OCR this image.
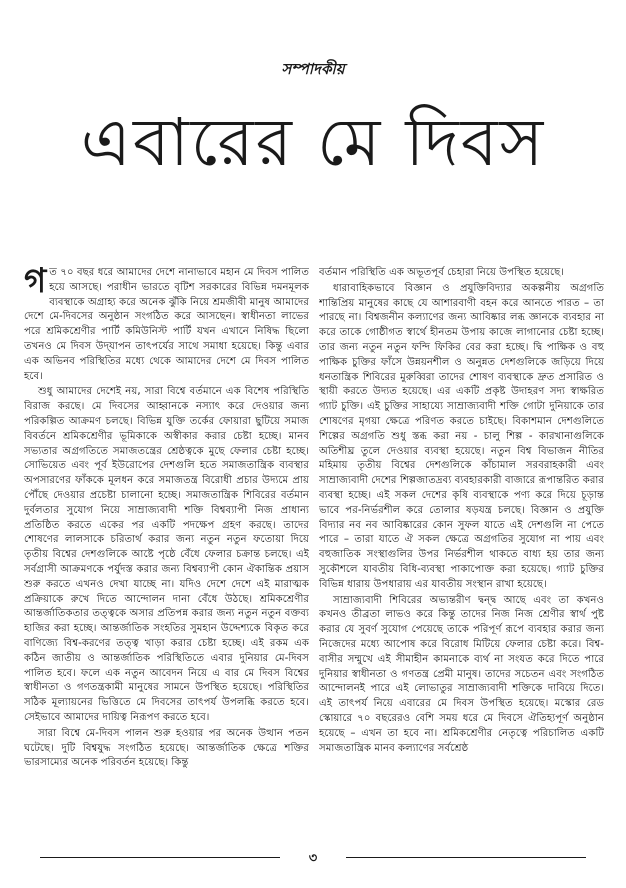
সম্পাদকীয়
এবারের মে দিবস

গত ৭০ বছর ধরে আমাদের দেশে নানাভাবে মহান মে দিবস পালিত হয়ে আসছে। পরাধীন ভারতে বৃটিশ সরকারের বিভিন্ন দমনমূলক ব্যবস্থাকে অগ্রাহ্য করে অনেক ঝুঁকি নিয়ে শ্রমজীবী মানুষ আমাদের দেশে মে-দিবসের অনুষ্ঠান সংগঠিত করে আসছেন। স্বাধীনতা লাভের পরে শ্রমিকশ্রেণীর পার্টি কমিউনিস্ট পার্টি যখন এখানে নিষিদ্ধ ছিলো তখনও মে দিবস উদ্‌যাপন তাৎপর্যের সাথে সমাধা হয়েছে। কিন্তু এবার এক অভিনব পরিস্থিতির মধ্যে থেকে আমাদের দেশে মে দিবস পালিত হবে।

শুধু আমাদের দেশেই নয়, সারা বিশ্বে বর্তমানে এক বিশেষ পরিস্থিতি বিরাজ করছে। মে দিবসের আহ্বানকে নস্যাৎ করে দেওয়ার জন্য পরিকল্পিত আক্রমণ চলছে। বিভিন্ন যুক্তি তর্কের ফোয়ারা ছুটিয়ে সমাজ বিবর্তনে শ্রমিকশ্রেণীর ভূমিকাকে অস্বীকার করার চেষ্টা হচ্ছে। মানব সভ্যতার অগ্রগতিতে সমাজতন্ত্রের শ্রেষ্ঠত্বকে মুছে ফেলার চেষ্টা হচ্ছে। সোভিয়েত এবং পূর্ব ইউরোপের দেশগুলি হতে সমাজতান্ত্রিক ব্যবস্থার অপসারণের ফাঁককে মূলধন করে সমাজতন্ত্র বিরোধী প্রচার উদ্যমে প্রায় পৌঁছে দেওয়ার প্রচেষ্টা চালানো হচ্ছে। সমাজতান্ত্রিক শিবিরের বর্তমান দুর্বলতার সুযোগ নিয়ে সাম্রাজ্যবাদী শক্তি বিশ্বব্যাপী নিজ প্রাধান্য প্রতিষ্ঠিত করতে একের পর একটি পদক্ষেপ গ্রহণ করছে। তাদের শোষণের লালসাকে চরিতার্থ করার জন্য নতুন নতুন ফতোয়া দিয়ে তৃতীয় বিশ্বের দেশগুলিকে আষ্টে পৃষ্ঠে বেঁধে ফেলার চক্রান্ত চলছে। এই সর্বগ্রাসী আক্রমণকে পর্যুদস্ত করার জন্য বিশ্বব্যাপী কোন ঐকান্তিক প্রয়াস শুরু করতে এখনও দেখা যাচ্ছে না। যদিও দেশে দেশে এই মারাত্মক প্রক্রিয়াকে রুখে দিতে আন্দোলন দানা বেঁধে উঠছে। শ্রমিকশ্রেণীর আন্তর্জাতিকতার তত্ত্বকে অসার প্রতিপন্ন করার জন্য নতুন নতুন বক্তব্য হাজির করা হচ্ছে। আন্তর্জাতিক সংহতির সুমহান উদ্দেশ্যকে বিকৃত করে বাণিজ্যে বিশ্ব-করণের তত্ত্ব খাড়া করার চেষ্টা হচ্ছে। এই রকম এক কঠিন জাতীয় ও আন্তর্জাতিক পরিস্থিতিতে এবার দুনিয়ার মে-দিবস পালিত হবে। ফলে এক নতুন আবেদন নিয়ে এ বার মে দিবস বিশ্বের স্বাধীনতা ও গণতন্ত্রকামী মানুষের সামনে উপস্থিত হয়েছে। পরিস্থিতির সঠিক মূল্যায়নের ভিত্তিতে মে দিবসের তাৎপর্য উপলব্ধি করতে হবে। সেইভাবে আমাদের দায়িত্ব নিরূপণ করতে হবে।

সারা বিশ্বে মে-দিবস পালন শুরু হওয়ার পর অনেক উত্থান পতন ঘটেছে। দুটি বিশ্বযুদ্ধ সংগঠিত হয়েছে। আন্তর্জাতিক ক্ষেত্রে শক্তির ভারসাম্যের অনেক পরিবর্তন হয়েছে। কিন্তু

বর্তমান পরিস্থিতি এক অভূতপূর্ব চেহারা নিয়ে উপস্থিত হয়েছে।

ধারাবাহিকভাবে বিজ্ঞান ও প্রযুক্তিবিদ্যার অকল্পনীয় অগ্রগতি শান্তিপ্রিয় মানুষের কাছে যে আশারবাণী বহন করে আনতে পারত – তা পারছে না। বিশ্বজনীন কল্যাণের জন্য আবিষ্কার লব্ধ জ্ঞানকে ব্যবহার না করে তাকে গোষ্ঠীগত স্বার্থে হীনতম উপায় কাজে লাগানোর চেষ্টা হচ্ছে। তার জন্য নতুন নতুন ফন্দি ফিকির বের করা হচ্ছে। দ্বি পাক্ষিক ও বহু পাক্ষিক চুক্তির ফাঁসে উন্নয়নশীল ও অনুন্নত দেশগুলিকে জড়িয়ে দিয়ে ধনতান্ত্রিক শিবিরের মুরুব্বিরা তাদের শোষণ ব্যবস্থাকে দ্রুত প্রসারিত ও স্থায়ী করতে উদ্যত হয়েছে। এর একটি প্রকৃষ্ট উদাহরণ সদ্য স্বাক্ষরিত গ্যাট চুক্তি। এই চুক্তির সাহায্যে সাম্রাজ্যবাদী শক্তি গোটা দুনিয়াকে তার শোষণের মৃগয়া ক্ষেত্রে পরিণত করতে চাইছে। বিকাশমান দেশগুলিতে শিল্পের অগ্রগতি শুধু স্তব্ধ করা নয় - চালু শিল্প - কারখানাগুলিকে অতিশীঘ্র তুলে দেওয়ার ব্যবস্থা হয়েছে। নতুন বিশ্ব বিভাজন নীতির মহিমায় তৃতীয় বিশ্বের দেশগুলিকে কাঁচামাল সরবরাহকারী এবং সাম্রাজ্যবাদী দেশের শিল্পজাতদ্রব্য ব্যবহারকারী বাজারে রূপান্তরিত করার ব্যবস্থা হচ্ছে। এই সকল দেশের কৃষি ব্যবস্থাকে পণ্য করে দিয়ে চূড়ান্ত ভাবে পর-নির্ভরশীল করে তোলার ষড়যন্ত্র চলছে। বিজ্ঞান ও প্রযুক্তি বিদ্যার নব নব আবিষ্কারের কোন সুফল যাতে এই দেশগুলি না পেতে পারে – তারা যাতে ঐ সকল ক্ষেত্রে অগ্রগতির সুযোগ না পায় এবং বহুজাতিক সংস্থাগুলির উপর নির্ভরশীল থাকতে বাধ্য হয় তার জন্য সুকৌশলে যাবতীয় বিধি-ব্যবস্থা পাকাপোক্ত করা হয়েছে। গ্যাট চুক্তির বিভিন্ন ধারায় উপধারায় এর যাবতীয় সংস্থান রাখা হয়েছে।

সাম্রাজ্যবাদী শিবিরের অভ্যন্তরীণ দ্বন্দ্ব আছে এবং তা কখনও কখনও তীব্রতা লাভও করে কিন্তু তাদের নিজ নিজ শ্রেণীর স্বার্থ পুষ্ট করার যে সুবর্ণ সুযোগ পেয়েছে তাকে পরিপূর্ণ রূপে ব্যবহার করার জন্য নিজেদের মধ্যে আপোষ করে বিরোধ মিটিয়ে ফেলার চেষ্টা করে। বিশ্ব-বাসীর সম্মুখে এই সীমাহীন কামনাকে ব্যর্থ না সংযত করে দিতে পারে দুনিয়ার স্বাধীনতা ও গণতন্ত্র প্রেমী মানুষ। তাদের সচেতন এবং সংগঠিত আন্দোলনই পারে এই লোভাতুর সাম্রাজ্যবাদী শক্তিকে দাবিয়ে দিতে। এই তাৎপর্য নিয়ে এবারের মে দিবস উপস্থিত হয়েছে। মস্কোর রেড স্কোয়ারে ৭০ বছরেরও বেশি সময় ধরে মে দিবসে ঐতিহ্যপূর্ণ অনুষ্ঠান হয়েছে – এখন তা হবে না। শ্রমিকশ্রেণীর নেতৃত্বে পরিচালিত একটি সমাজতান্ত্রিক মানব কল্যাণের সর্বশ্রেষ্ঠ

৩
